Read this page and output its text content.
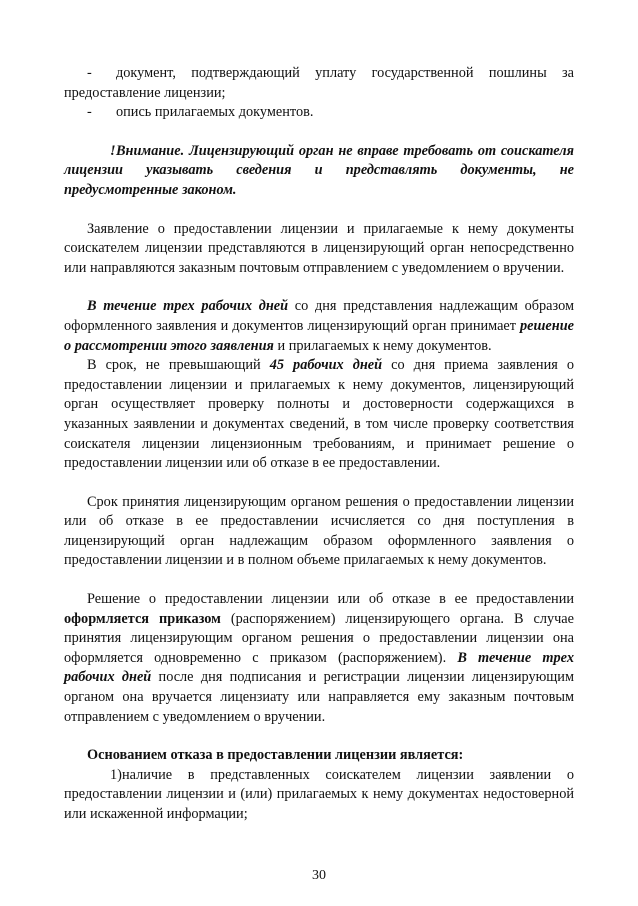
- документ, подтверждающий уплату государственной пошлины за предоставление лицензии;

- опись прилагаемых документов.

!Внимание. Лицензирующий орган не вправе требовать от соискателя лицензии указывать сведения и представлять документы, не предусмотренные законом.

Заявление о предоставлении лицензии и прилагаемые к нему документы соискателем лицензии представляются в лицензирующий орган непосредственно или направляются заказным почтовым отправлением с уведомлением о вручении.

В течение трех рабочих дней со дня представления надлежащим образом оформленного заявления и документов лицензирующий орган принимает решение о рассмотрении этого заявления и прилагаемых к нему документов.

В срок, не превышающий 45 рабочих дней со дня приема заявления о предоставлении лицензии и прилагаемых к нему документов, лицензирующий орган осуществляет проверку полноты и достоверности содержащихся в указанных заявлении и документах сведений, в том числе проверку соответствия соискателя лицензии лицензионным требованиям, и принимает решение о предоставлении лицензии или об отказе в ее предоставлении.

Срок принятия лицензирующим органом решения о предоставлении лицензии или об отказе в ее предоставлении исчисляется со дня поступления в лицензирующий орган надлежащим образом оформленного заявления о предоставлении лицензии и в полном объеме прилагаемых к нему документов.

Решение о предоставлении лицензии или об отказе в ее предоставлении оформляется приказом (распоряжением) лицензирующего органа. В случае принятия лицензирующим органом решения о предоставлении лицензии она оформляется одновременно с приказом (распоряжением). В течение трех рабочих дней после дня подписания и регистрации лицензии лицензирующим органом она вручается лицензиату или направляется ему заказным почтовым отправлением с уведомлением о вручении.

Основанием отказа в предоставлении лицензии является:

1)наличие в представленных соискателем лицензии заявлении о предоставлении лицензии и (или) прилагаемых к нему документах недостоверной или искаженной информации;

30
